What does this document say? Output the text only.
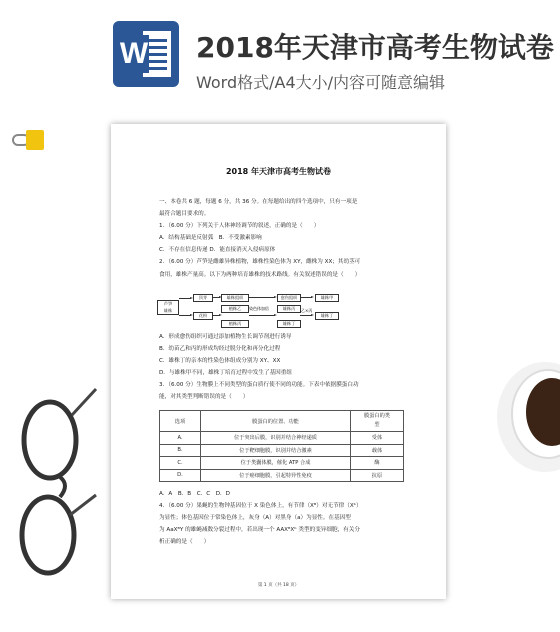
W 2018年天津市高考生物试卷
Word格式/A4大小/内容可随意编辑
2018 年天津市高考生物试卷

一、本卷共 6 题，每题 6 分，共 36 分。在每题给出的四个选项中，只有一项是

最符合题目要求的。

1．（6.00 分）下列关于人体神经调节的叙述，正确的是（　　）

A．结构基础是反射弧　B．不受激素影响

C．不存在信息传递 D．能直接消灭入侵病原体

2．（6.00 分）芦笋是雌雄异株植物，雄株性染色体为 XY，雌株为 XX；其幼茎可

食用，雄株产量高。以下为两种培育雄株的技术路线。有关叙述错误的是（　　）

A．形成愈伤组织可通过添加植物生长调节剂进行诱导

B．幼苗乙和丙的形成均经过脱分化和再分化过程

C．雄株丁的亲本的性染色体组成分别为 XY、XX

D．与雄株甲不同，雄株丁培育过程中发生了基因重组

3．（6.00 分）生物膜上不同类型的蛋白质行使不同的功能。下表中依据膜蛋白功

能，对其类型判断错误的是（　　）

芦笋
雄株
顶芽	雄株组织	愈伤组织	雄株甲
花粉
植株乙
植株丙
染色体加倍	雄株丙
雄株丁
乙×丙
雄株丁
选项	膜蛋白的位置、功能	膜蛋白的类
型
A.	位于突出后膜，识别并结合神经递质	受体
B.	位于靶细胞膜，识别并结合激素	载体
C.	位于类囊体膜，催化 ATP 合成	酶
D.	位于癌细胞膜，引起特异性免疫	抗原

A．A　B．B　C．C　D．D

4．（6.00 分）果蝇的生物钟基因位于 X 染色体上，有节律（Xᴮ）对无节律（Xᵇ）

为显性；体色基因位于常染色体上，灰身（A）对黑身（a）为显性。在基因型

为 AaXᴮY 的雄蝇减数分裂过程中，若出现一个 AAXᴮXᵇ 类型的变异细胞，有关分

析正确的是（　　）

第 1 页（共 18 页）
